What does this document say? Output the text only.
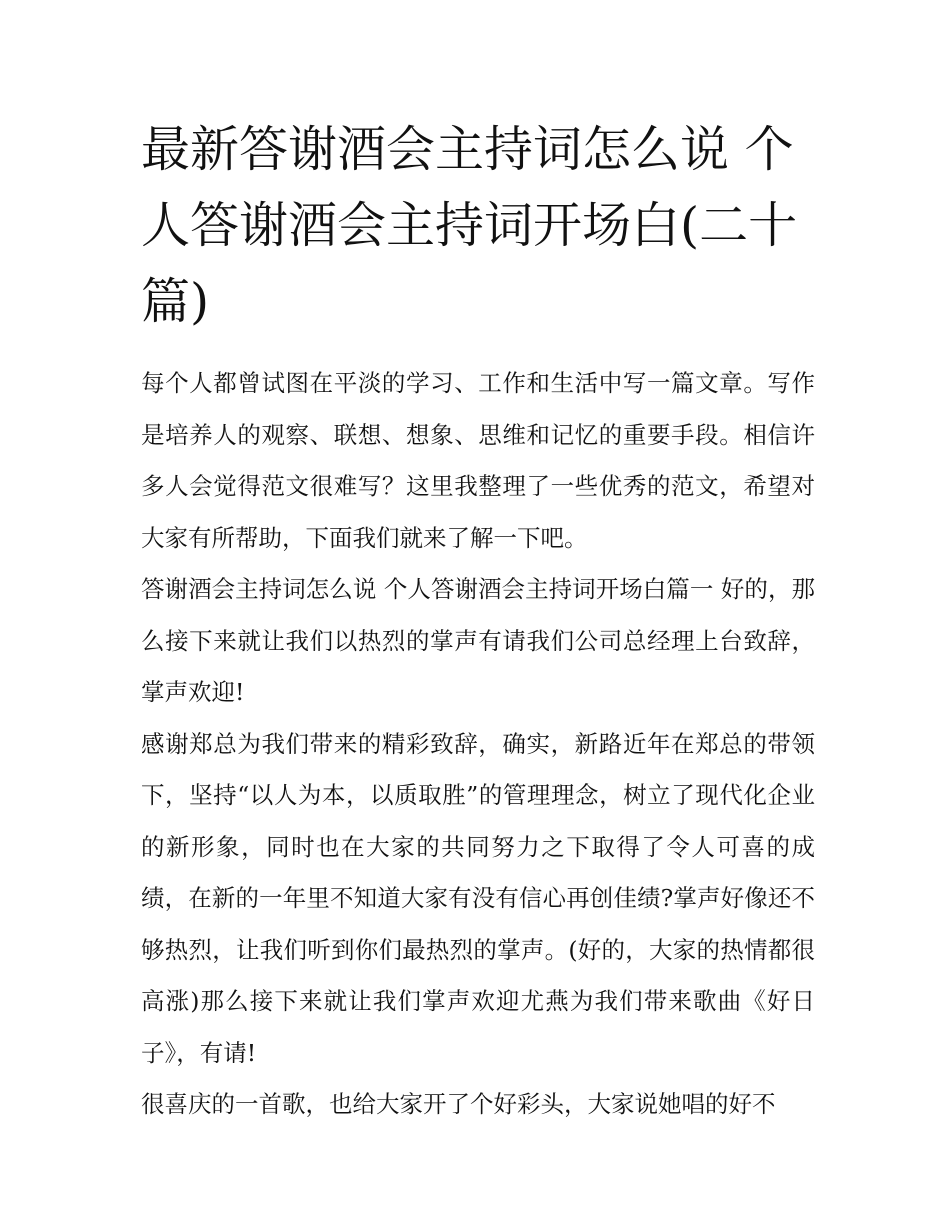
最新答谢酒会主持词怎么说 个人答谢酒会主持词开场白(二十篇)

每个人都曾试图在平淡的学习、工作和生活中写一篇文章。写作是培养人的观察、联想、想象、思维和记忆的重要手段。相信许多人会觉得范文很难写？这里我整理了一些优秀的范文，希望对大家有所帮助，下面我们就来了解一下吧。

答谢酒会主持词怎么说 个人答谢酒会主持词开场白篇一 好的，那么接下来就让我们以热烈的掌声有请我们公司总经理上台致辞，掌声欢迎!

感谢郑总为我们带来的精彩致辞，确实，新路近年在郑总的带领下，坚持“以人为本，以质取胜”的管理理念，树立了现代化企业的新形象，同时也在大家的共同努力之下取得了令人可喜的成绩，在新的一年里不知道大家有没有信心再创佳绩?掌声好像还不够热烈，让我们听到你们最热烈的掌声。(好的，大家的热情都很高涨)那么接下来就让我们掌声欢迎尤燕为我们带来歌曲《好日子》，有请!

很喜庆的一首歌，也给大家开了个好彩头，大家说她唱的好不
